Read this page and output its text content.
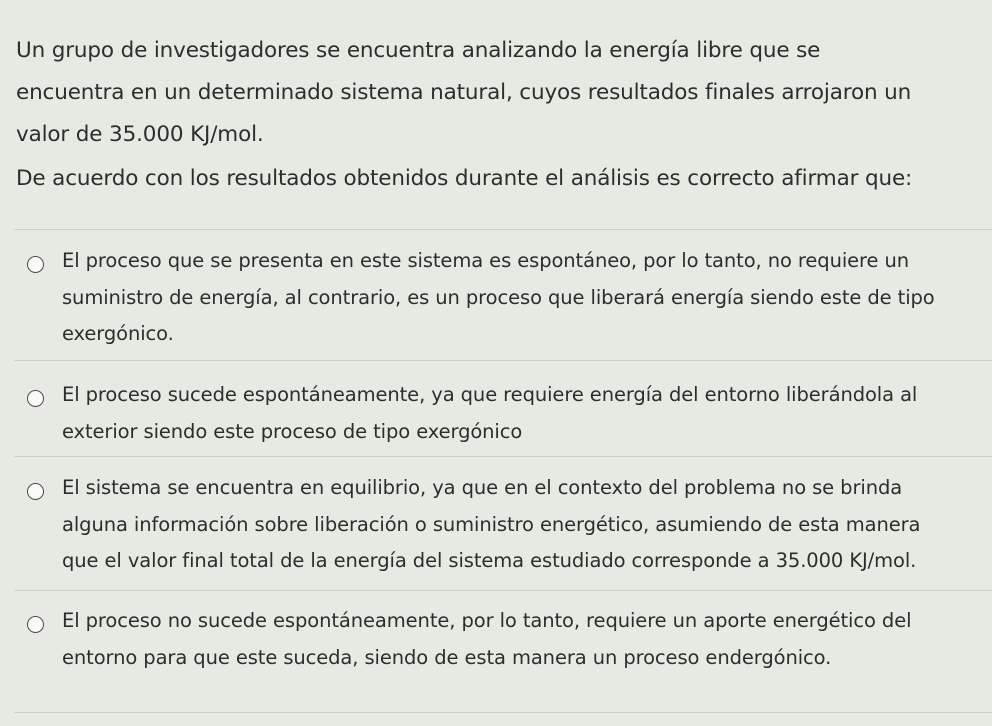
Un grupo de investigadores se encuentra analizando la energía libre que se
encuentra en un determinado sistema natural, cuyos resultados finales arrojaron un
valor de 35.000 KJ/mol.
De acuerdo con los resultados obtenidos durante el análisis es correcto afirmar que:
El proceso que se presenta en este sistema es espontáneo, por lo tanto, no requiere un
suministro de energía, al contrario, es un proceso que liberará energía siendo este de tipo
exergónico.
El proceso sucede espontáneamente, ya que requiere energía del entorno liberándola al
exterior siendo este proceso de tipo exergónico
El sistema se encuentra en equilibrio, ya que en el contexto del problema no se brinda
alguna información sobre liberación o suministro energético, asumiendo de esta manera
que el valor final total de la energía del sistema estudiado corresponde a 35.000 KJ/mol.
El proceso no sucede espontáneamente, por lo tanto, requiere un aporte energético del
entorno para que este suceda, siendo de esta manera un proceso endergónico.
